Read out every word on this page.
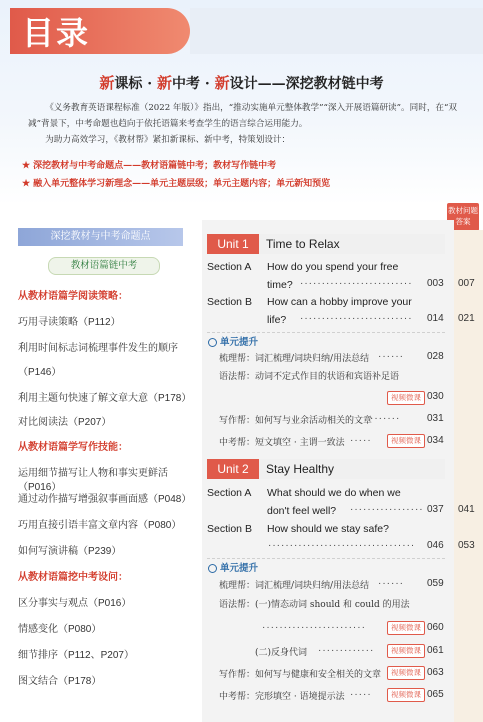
目录
新课标 · 新中考 · 新设计——深挖教材链中考

《义务教育英语课程标准（2022 年版）》指出，“推动实施单元整体教学”“深入开展语篇研读”。同时，在“双减”背景下，中考命题也趋向于依托语篇来考查学生的语言综合运用能力。

为助力高效学习，《教材帮》紧扣新课标、新中考，特策划设计：

★ 深挖教材与中考命题点——教材语篇链中考；教材写作链中考
★ 融入单元整体学习新理念——单元主题层级；单元主题内容；单元新知预览
教材问题答案
深挖教材与中考命题点
教材语篇链中考
从教材语篇学阅读策略：
巧用寻读策略（P112）
利用时间标志词梳理事件发生的顺序
（P146）
利用主题句快速了解文章大意（P178）
对比阅读法（P207）
从教材语篇学写作技能：
运用细节描写让人物和事实更鲜活（P016）
通过动作描写增强叙事画面感（P048）
巧用直接引语丰富文章内容（P080）
如何写演讲稿（P239）
从教材语篇挖中考设问：
区分事实与观点（P016）
情感变化（P080）
细节排序（P112、P207）
图文结合（P178）
Unit 1	Time to Relax
Section A How do you spend your free
time? ·························· 003 007
Section B How can a hobby improve your
life?	·························· 014 021
单元提升
梳理帮：词汇梳理/词块归纳/用法总结 ······ 028
语法帮：动词不定式作目的状语和宾语补足语
视频微课 030
写作帮：如何写与业余活动相关的文章
·······	031
中考帮：短文填空 · 主谓一致法 ·····	视频微课 034
Unit 2	Stay Healthy
Section A What should we do when we
don't feel well?	················· 037 041
Section B How should we stay safe?
·································· 046 053
单元提升
梳理帮：词汇梳理/词块归纳/用法总结 ······ 059
语法帮：(一)情态动词 should 和 could 的用法
························	视频微课 060
(二)反身代词 ·············	视频微课 061
写作帮：如何写与健康和安全相关的文章	视频微课 063
中考帮：完形填空 · 语境提示法 ·····	视频微课 065
